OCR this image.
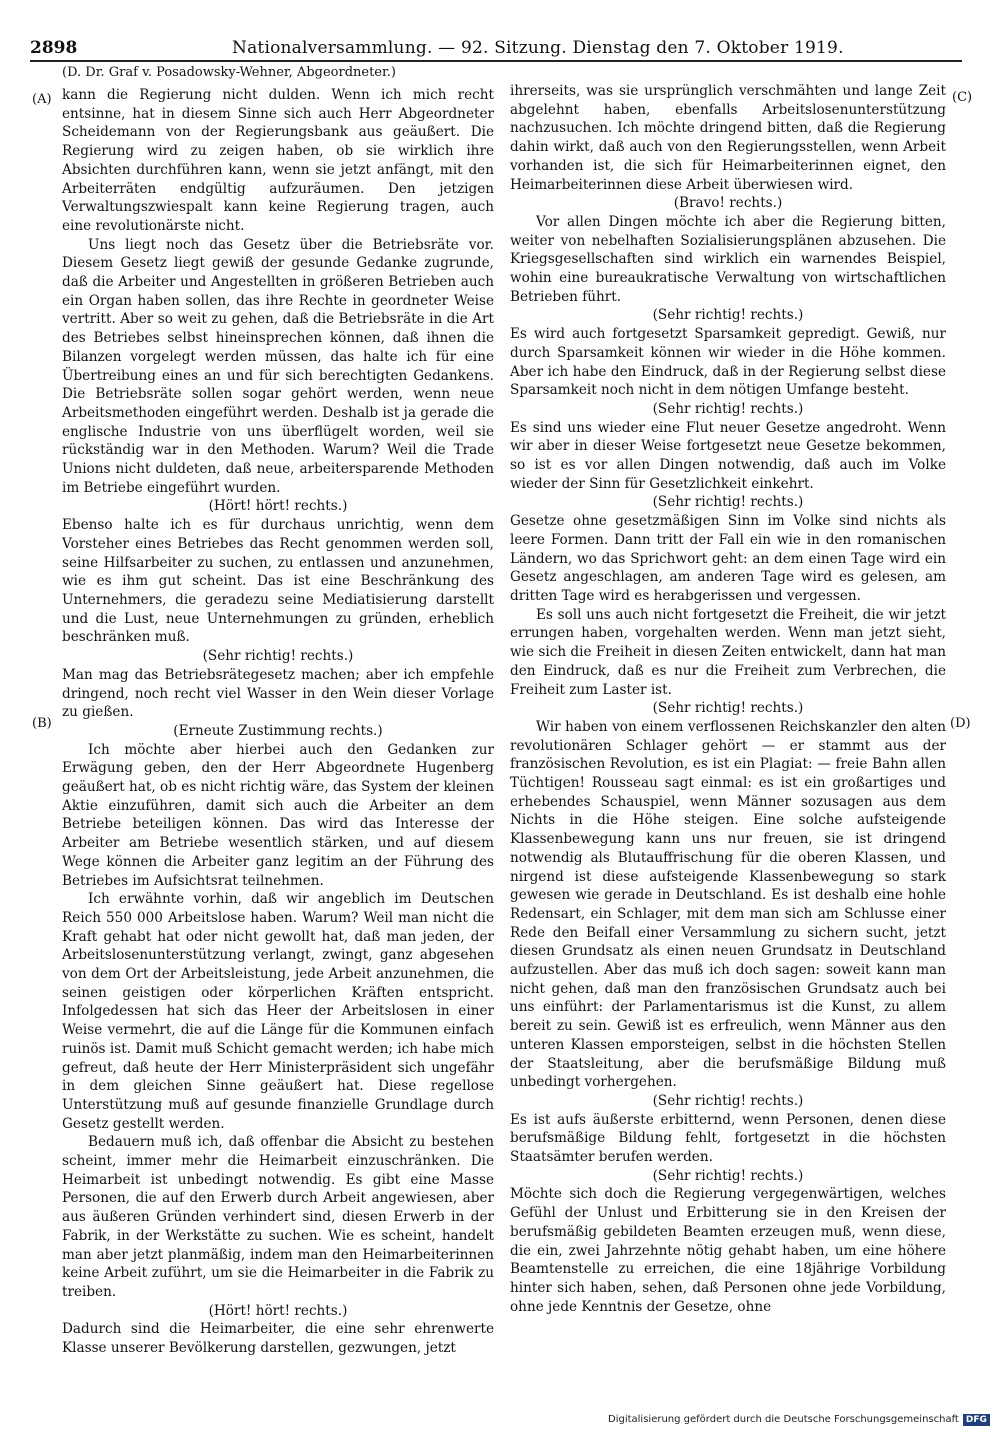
2898	Nationalversammlung. — 92. Sitzung. Dienstag den 7. Oktober 1919.
(D. Dr. Graf v. Posadowsky-Wehner, Abgeordneter.)
(A)
(B)
(C)
(D)

kann die Regierung nicht dulden. Wenn ich mich recht entsinne, hat in diesem Sinne sich auch Herr Abgeordneter Scheidemann von der Regierungsbank aus geäußert. Die Regierung wird zu zeigen haben, ob sie wirklich ihre Absichten durchführen kann, wenn sie jetzt anfängt, mit den Arbeiterräten endgültig aufzuräumen. Den jetzigen Verwaltungszwiespalt kann keine Regierung tragen, auch eine revolutionärste nicht.

Uns liegt noch das Gesetz über die Betriebsräte vor. Diesem Gesetz liegt gewiß der gesunde Gedanke zugrunde, daß die Arbeiter und Angestellten in größeren Betrieben auch ein Organ haben sollen, das ihre Rechte in geordneter Weise vertritt. Aber so weit zu gehen, daß die Betriebsräte in die Art des Betriebes selbst hineinsprechen können, daß ihnen die Bilanzen vorgelegt werden müssen, das halte ich für eine Übertreibung eines an und für sich berechtigten Gedankens. Die Betriebsräte sollen sogar gehört werden, wenn neue Arbeitsmethoden eingeführt werden. Deshalb ist ja gerade die englische Industrie von uns überflügelt worden, weil sie rückständig war in den Methoden. Warum? Weil die Trade Unions nicht duldeten, daß neue, arbeitersparende Methoden im Betriebe eingeführt wurden.

(Hört! hört! rechts.)

Ebenso halte ich es für durchaus unrichtig, wenn dem Vorsteher eines Betriebes das Recht genommen werden soll, seine Hilfsarbeiter zu suchen, zu entlassen und anzunehmen, wie es ihm gut scheint. Das ist eine Beschränkung des Unternehmers, die geradezu seine Mediatisierung darstellt und die Lust, neue Unternehmungen zu gründen, erheblich beschränken muß.

(Sehr richtig! rechts.)

Man mag das Betriebsrätegesetz machen; aber ich empfehle dringend, noch recht viel Wasser in den Wein dieser Vorlage zu gießen.

(Erneute Zustimmung rechts.)

Ich möchte aber hierbei auch den Gedanken zur Erwägung geben, den der Herr Abgeordnete Hugenberg geäußert hat, ob es nicht richtig wäre, das System der kleinen Aktie einzuführen, damit sich auch die Arbeiter an dem Betriebe beteiligen können. Das wird das Interesse der Arbeiter am Betriebe wesentlich stärken, und auf diesem Wege können die Arbeiter ganz legitim an der Führung des Betriebes im Aufsichtsrat teilnehmen.

Ich erwähnte vorhin, daß wir angeblich im Deutschen Reich 550 000 Arbeitslose haben. Warum? Weil man nicht die Kraft gehabt hat oder nicht gewollt hat, daß man jeden, der Arbeitslosenunterstützung verlangt, zwingt, ganz abgesehen von dem Ort der Arbeitsleistung, jede Arbeit anzunehmen, die seinen geistigen oder körperlichen Kräften entspricht. Infolgedessen hat sich das Heer der Arbeitslosen in einer Weise vermehrt, die auf die Länge für die Kommunen einfach ruinös ist. Damit muß Schicht gemacht werden; ich habe mich gefreut, daß heute der Herr Ministerpräsident sich ungefähr in dem gleichen Sinne geäußert hat. Diese regellose Unterstützung muß auf gesunde finanzielle Grundlage durch Gesetz gestellt werden.

Bedauern muß ich, daß offenbar die Absicht zu bestehen scheint, immer mehr die Heimarbeit einzuschränken. Die Heimarbeit ist unbedingt notwendig. Es gibt eine Masse Personen, die auf den Erwerb durch Arbeit angewiesen, aber aus äußeren Gründen verhindert sind, diesen Erwerb in der Fabrik, in der Werkstätte zu suchen. Wie es scheint, handelt man aber jetzt planmäßig, indem man den Heimarbeiterinnen keine Arbeit zuführt, um sie die Heimarbeiter in die Fabrik zu treiben.

(Hört! hört! rechts.)

Dadurch sind die Heimarbeiter, die eine sehr ehrenwerte Klasse unserer Bevölkerung darstellen, gezwungen, jetzt

ihrerseits, was sie ursprünglich verschmähten und lange Zeit abgelehnt haben, ebenfalls Arbeitslosenunterstützung nachzusuchen. Ich möchte dringend bitten, daß die Regierung dahin wirkt, daß auch von den Regierungsstellen, wenn Arbeit vorhanden ist, die sich für Heimarbeiterinnen eignet, den Heimarbeiterinnen diese Arbeit überwiesen wird.

(Bravo! rechts.)

Vor allen Dingen möchte ich aber die Regierung bitten, weiter von nebelhaften Sozialisierungsplänen abzusehen. Die Kriegsgesellschaften sind wirklich ein warnendes Beispiel, wohin eine bureaukratische Verwaltung von wirtschaftlichen Betrieben führt.

(Sehr richtig! rechts.)

Es wird auch fortgesetzt Sparsamkeit gepredigt. Gewiß, nur durch Sparsamkeit können wir wieder in die Höhe kommen. Aber ich habe den Eindruck, daß in der Regierung selbst diese Sparsamkeit noch nicht in dem nötigen Umfange besteht.

(Sehr richtig! rechts.)

Es sind uns wieder eine Flut neuer Gesetze angedroht. Wenn wir aber in dieser Weise fortgesetzt neue Gesetze bekommen, so ist es vor allen Dingen notwendig, daß auch im Volke wieder der Sinn für Gesetzlichkeit einkehrt.

(Sehr richtig! rechts.)

Gesetze ohne gesetzmäßigen Sinn im Volke sind nichts als leere Formen. Dann tritt der Fall ein wie in den romanischen Ländern, wo das Sprichwort geht: an dem einen Tage wird ein Gesetz angeschlagen, am anderen Tage wird es gelesen, am dritten Tage wird es herabgerissen und vergessen.

Es soll uns auch nicht fortgesetzt die Freiheit, die wir jetzt errungen haben, vorgehalten werden. Wenn man jetzt sieht, wie sich die Freiheit in diesen Zeiten entwickelt, dann hat man den Eindruck, daß es nur die Freiheit zum Verbrechen, die Freiheit zum Laster ist.

(Sehr richtig! rechts.)

Wir haben von einem verflossenen Reichskanzler den alten revolutionären Schlager gehört — er stammt aus der französischen Revolution, es ist ein Plagiat: — freie Bahn allen Tüchtigen! Rousseau sagt einmal: es ist ein großartiges und erhebendes Schauspiel, wenn Männer sozusagen aus dem Nichts in die Höhe steigen. Eine solche aufsteigende Klassenbewegung kann uns nur freuen, sie ist dringend notwendig als Blutauffrischung für die oberen Klassen, und nirgend ist diese aufsteigende Klassenbewegung so stark gewesen wie gerade in Deutschland. Es ist deshalb eine hohle Redensart, ein Schlager, mit dem man sich am Schlusse einer Rede den Beifall einer Versammlung zu sichern sucht, jetzt diesen Grundsatz als einen neuen Grundsatz in Deutschland aufzustellen. Aber das muß ich doch sagen: soweit kann man nicht gehen, daß man den französischen Grundsatz auch bei uns einführt: der Parlamentarismus ist die Kunst, zu allem bereit zu sein. Gewiß ist es erfreulich, wenn Männer aus den unteren Klassen emporsteigen, selbst in die höchsten Stellen der Staatsleitung, aber die berufsmäßige Bildung muß unbedingt vorhergehen.

(Sehr richtig! rechts.)

Es ist aufs äußerste erbitternd, wenn Personen, denen diese berufsmäßige Bildung fehlt, fortgesetzt in die höchsten Staatsämter berufen werden.

(Sehr richtig! rechts.)

Möchte sich doch die Regierung vergegenwärtigen, welches Gefühl der Unlust und Erbitterung sie in den Kreisen der berufsmäßig gebildeten Beamten erzeugen muß, wenn diese, die ein, zwei Jahrzehnte nötig gehabt haben, um eine höhere Beamtenstelle zu erreichen, die eine 18jährige Vorbildung hinter sich haben, sehen, daß Personen ohne jede Vorbildung, ohne jede Kenntnis der Gesetze, ohne

Digitalisierung gefördert durch die Deutsche Forschungsgemeinschaft DFG
